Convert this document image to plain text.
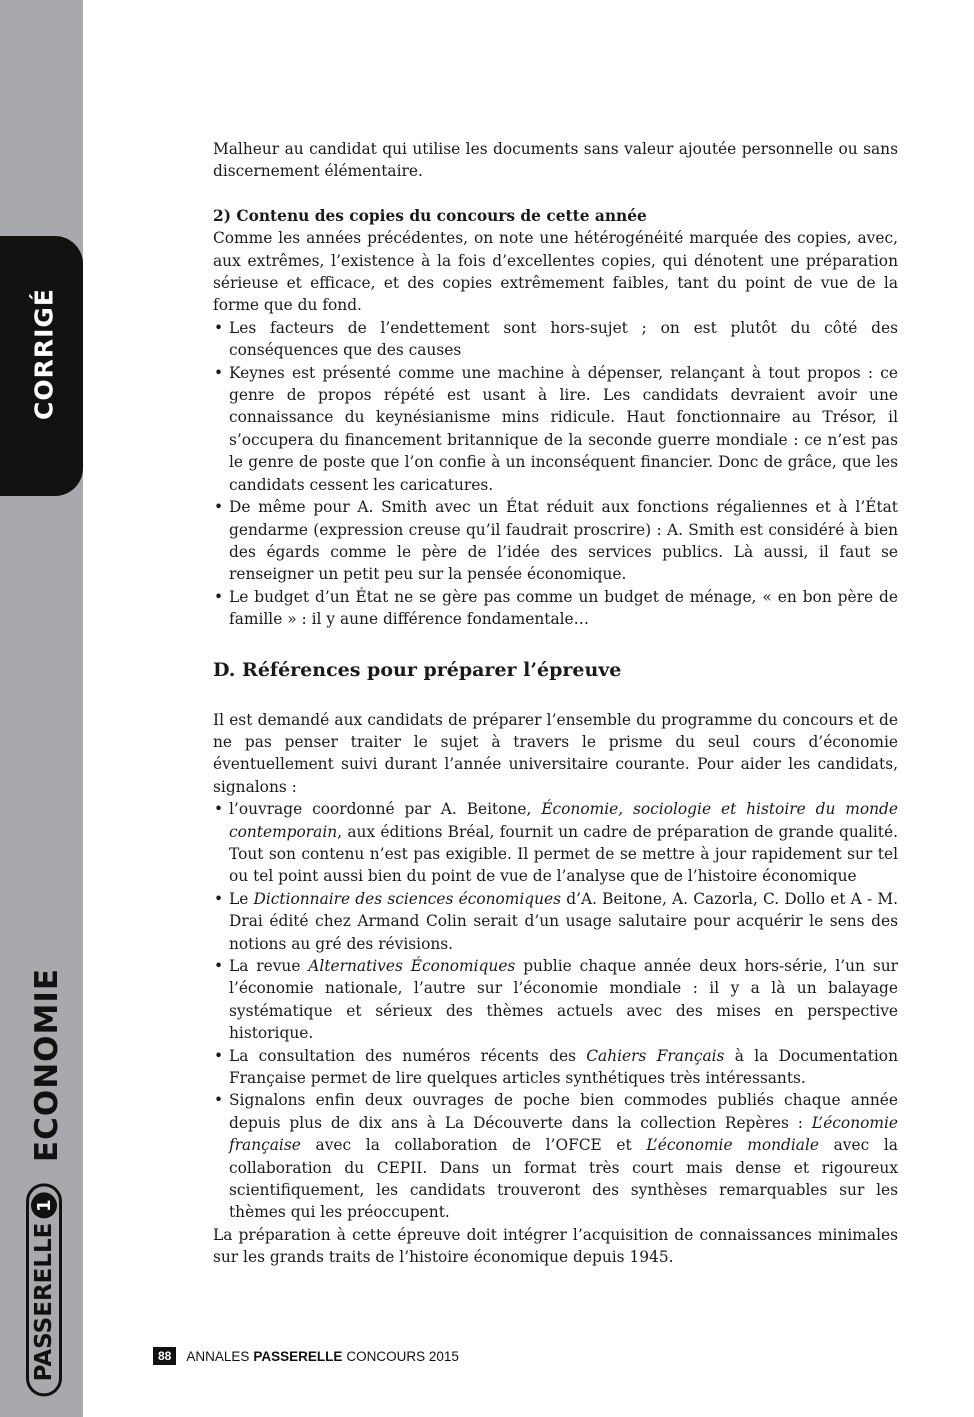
CORRIGÉ
ECONOMIE
PASSERELLE
1

Malheur au candidat qui utilise les documents sans valeur ajoutée personnelle ou sans discernement élémentaire.

2) Contenu des copies du concours de cette année

Comme les années précédentes, on note une hétérogénéité marquée des copies, avec, aux extrêmes, l’existence à la fois d’excellentes copies, qui dénotent une préparation sérieuse et efficace, et des copies extrêmement faibles, tant du point de vue de la forme que du fond.

• Les facteurs de l’endettement sont hors-sujet ; on est plutôt du côté des conséquences que des causes
• Keynes est présenté comme une machine à dépenser, relançant à tout propos : ce genre de propos répété est usant à lire. Les candidats devraient avoir une connaissance du keynésianisme mins ridicule. Haut fonctionnaire au Trésor, il s’occupera du financement britannique de la seconde guerre mondiale : ce n’est pas le genre de poste que l’on confie à un inconséquent financier. Donc de grâce, que les candidats cessent les caricatures.
• De même pour A. Smith avec un État réduit aux fonctions régaliennes et à l’État gendarme (expression creuse qu’il faudrait proscrire) : A. Smith est considéré à bien des égards comme le père de l’idée des services publics. Là aussi, il faut se renseigner un petit peu sur la pensée économique.
• Le budget d’un État ne se gère pas comme un budget de ménage, « en bon père de famille » : il y aune différence fondamentale…
D. Références pour préparer l’épreuve

Il est demandé aux candidats de préparer l’ensemble du programme du concours et de ne pas penser traiter le sujet à travers le prisme du seul cours d’économie éventuellement suivi durant l’année universitaire courante. Pour aider les candidats, signalons :

• l’ouvrage coordonné par A. Beitone, Économie, sociologie et histoire du monde contemporain, aux éditions Bréal, fournit un cadre de préparation de grande qualité. Tout son contenu n’est pas exigible. Il permet de se mettre à jour rapidement sur tel ou tel point aussi bien du point de vue de l’analyse que de l’histoire économique
• Le Dictionnaire des sciences économiques d’A. Beitone, A. Cazorla, C. Dollo et A - M. Drai édité chez Armand Colin serait d’un usage salutaire pour acquérir le sens des notions au gré des révisions.
• La revue Alternatives Économiques publie chaque année deux hors-série, l’un sur l’économie nationale, l’autre sur l’économie mondiale : il y a là un balayage systématique et sérieux des thèmes actuels avec des mises en perspective historique.
• La consultation des numéros récents des Cahiers Français à la Documentation Française permet de lire quelques articles synthétiques très intéressants.
• Signalons enfin deux ouvrages de poche bien commodes publiés chaque année depuis plus de dix ans à La Découverte dans la collection Repères : L’économie française avec la collaboration de l’OFCE et L’économie mondiale avec la collaboration du CEPII. Dans un format très court mais dense et rigoureux scientifiquement, les candidats trouveront des synthèses remarquables sur les thèmes qui les préoccupent.

La préparation à cette épreuve doit intégrer l’acquisition de connaissances minimales sur les grands traits de l’histoire économique depuis 1945.

88	ANNALES PASSERELLE CONCOURS 2015
